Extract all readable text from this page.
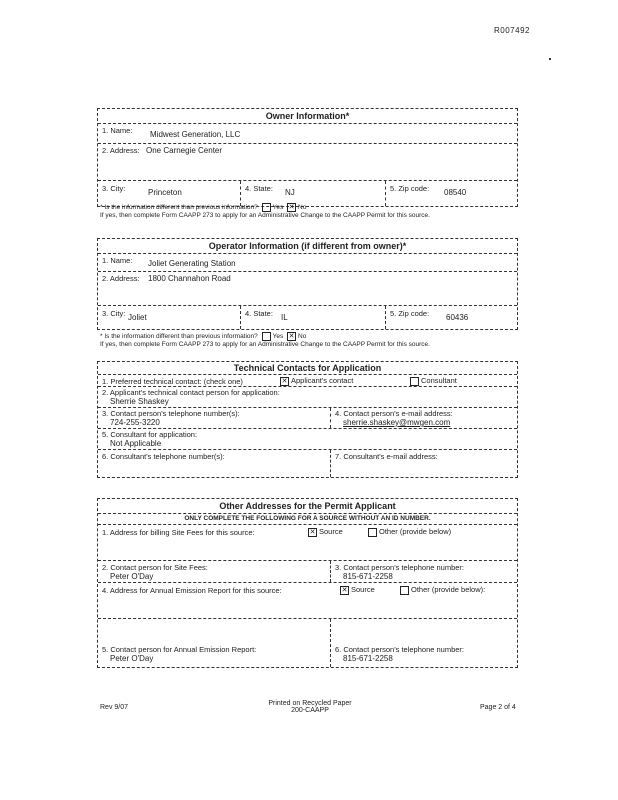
R007492
Owner Information*
1. Name: Midwest Generation, LLC
2. Address: One Carnegie Center
3. City:	Princeton	4. State: NJ	5. Zip code: 08540
* Is the information different than previous information? Yes ✕ No
If yes, then complete Form CAAPP 273 to apply for an Administrative Change to the CAAPP Permit for this source.
Operator Information (if different from owner)*
1. Name: Joliet Generating Station
2. Address: 1800 Channahon Road
3. City: Joliet	4. State: IL	5. Zip code: 60436
* Is the information different than previous information? Yes ✕ No
If yes, then complete Form CAAPP 273 to apply for an Administrative Change to the CAAPP Permit for this source.
Technical Contacts for Application
1. Preferred technical contact: (check one)	✕ Applicant's contact	Consultant
2. Applicant's technical contact person for application:
Sherrie Shaskey
3. Contact person's telephone number(s):
724-255-3220
4. Contact person's e-mail address:
sherrie.shaskey@mwgen.com
5. Consultant for application:
Not Applicable
6. Consultant's telephone number(s):	7. Consultant's e-mail address:
Other Addresses for the Permit Applicant
ONLY COMPLETE THE FOLLOWING FOR A SOURCE WITHOUT AN ID NUMBER.
1. Address for billing Site Fees for this source:	✕ Source	Other (provide below)
2. Contact person for Site Fees:
Peter O'Day
3. Contact person's telephone number:
815-671-2258
4. Address for Annual Emission Report for this source:	✕ Source	Other (provide below):
5. Contact person for Annual Emission Report:
Peter O'Day
6. Contact person's telephone number:
815-671-2258
Rev 9/07
Printed on Recycled Paper
200-CAAPP	Page 2 of 4
